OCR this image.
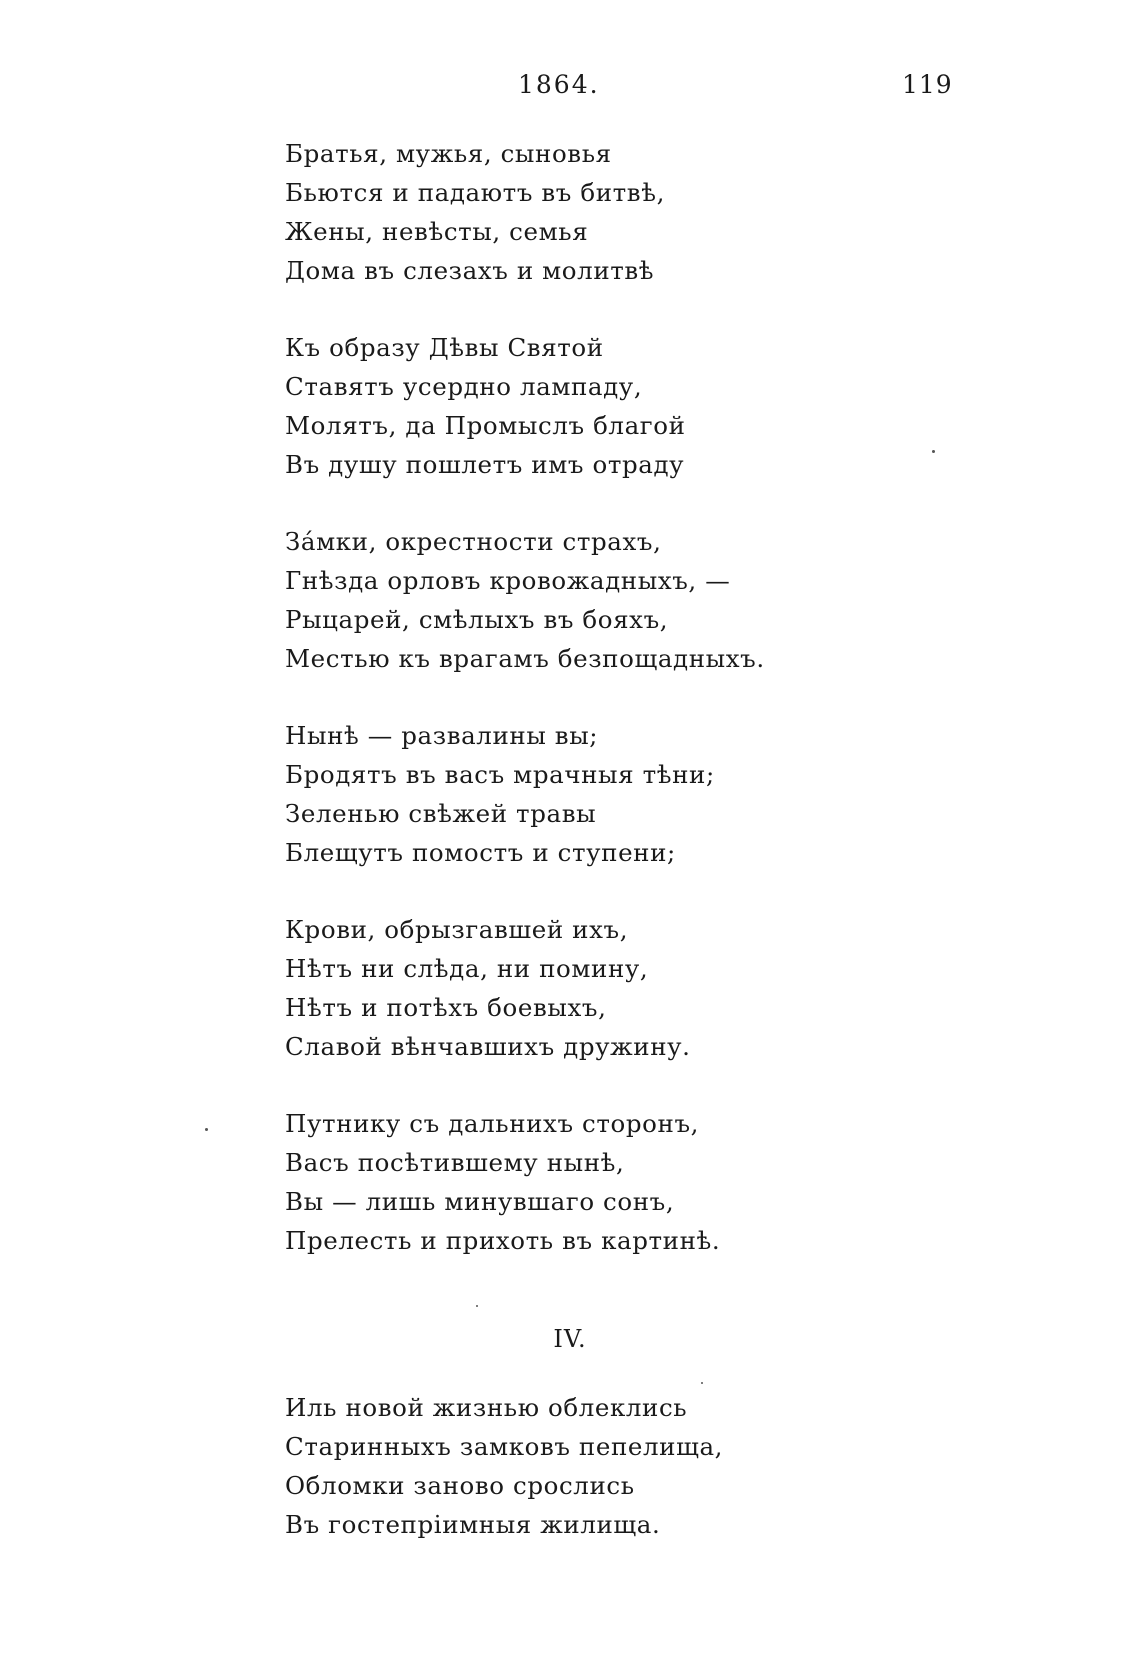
1864.	119
Братья, мужья, сыновья
Бьются и падаютъ въ битвѣ,
Жены, невѣсты, семья
Дома въ слезахъ и молитвѣ
Къ образу Дѣвы Святой
Ставятъ усердно лампаду,
Молятъ, да Промыслъ благой
Въ душу пошлетъ имъ отраду
Зáмки, окрестности страхъ,
Гнѣзда орловъ кровожадныхъ, —
Рыцарей, смѣлыхъ въ бояхъ,
Местью къ врагамъ безпощадныхъ.
Нынѣ — развалины вы;
Бродятъ въ васъ мрачныя тѣни;
Зеленью свѣжей травы
Блещутъ помостъ и ступени;
Крови, обрызгавшей ихъ,
Нѣтъ ни слѣда, ни помину,
Нѣтъ и потѣхъ боевыхъ,
Славой вѣнчавшихъ дружину.
Путнику съ дальнихъ сторонъ,
Васъ посѣтившему нынѣ,
Вы — лишь минувшаго сонъ,
Прелесть и прихоть въ картинѣ.
IV.
Иль новой жизнью облеклись
Старинныхъ замковъ пепелища,
Обломки заново срослись
Въ гостепріимныя жилища.
